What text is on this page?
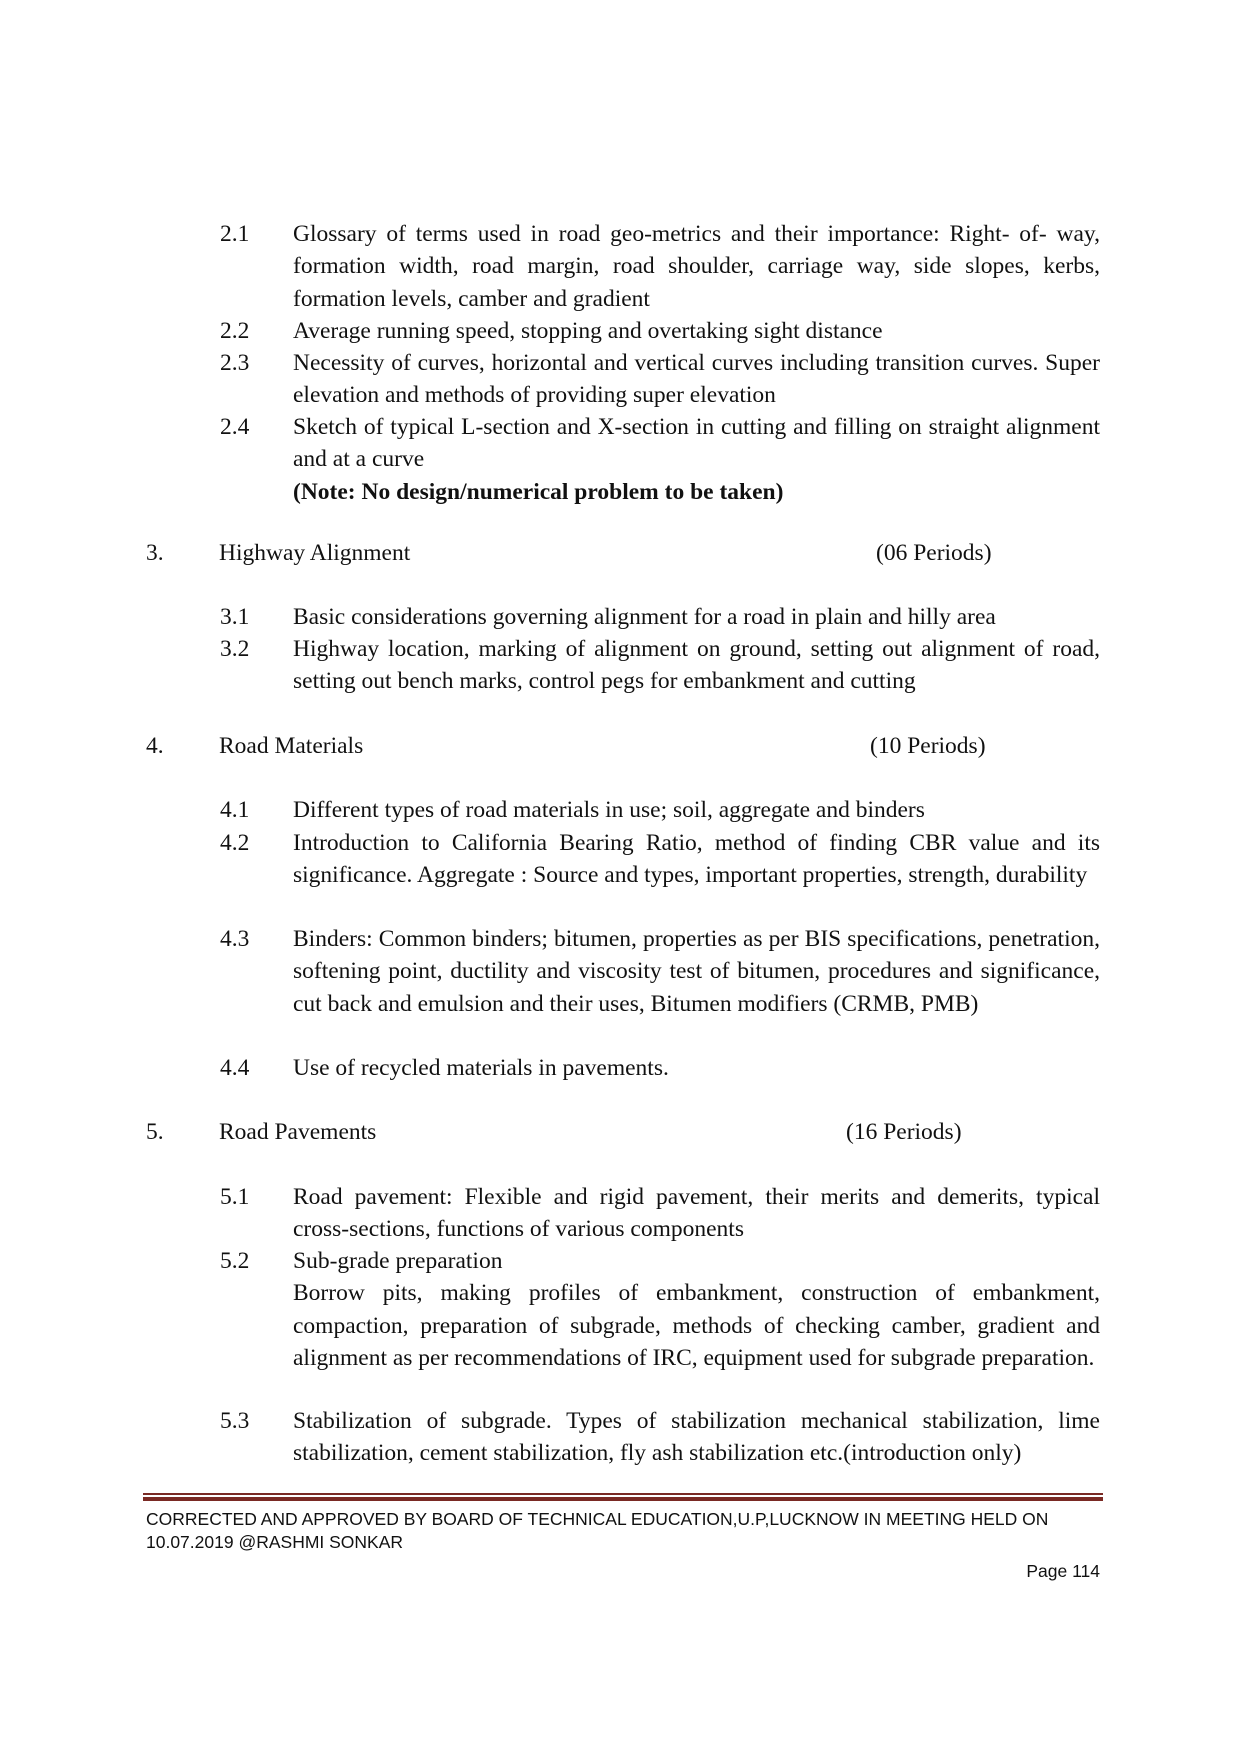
2.1	Glossary of terms used in road geo-metrics and their importance: Right- of- way, formation width, road margin, road shoulder, carriage way, side slopes, kerbs, formation levels, camber and gradient

2.2	Average running speed, stopping and overtaking sight distance

2.3	Necessity of curves, horizontal and vertical curves including transition curves. Super elevation and methods of providing super elevation

2.4	Sketch of typical L-section and X-section in cutting and filling on straight alignment and at a curve

(Note: No design/numerical problem to be taken)

3. Highway Alignment	(06 Periods)
3.1	Basic considerations governing alignment for a road in plain and hilly area

3.2	Highway location, marking of alignment on ground, setting out alignment of road, setting out bench marks, control pegs for embankment and cutting

4. Road Materials	(10 Periods)
4.1	Different types of road materials in use; soil, aggregate and binders

4.2	Introduction to California Bearing Ratio, method of finding CBR value and its significance. Aggregate : Source and types, important properties, strength, durability

4.3	Binders: Common binders; bitumen, properties as per BIS specifications, penetration, softening point, ductility and viscosity test of bitumen, procedures and significance, cut back and emulsion and their uses, Bitumen modifiers (CRMB, PMB)

4.4	Use of recycled materials in pavements.

5. Road Pavements	(16 Periods)
5.1	Road pavement: Flexible and rigid pavement, their merits and demerits, typical cross-sections, functions of various components

5.2	Sub-grade preparation

Borrow pits, making profiles of embankment, construction of embankment, compaction, preparation of subgrade, methods of checking camber, gradient and alignment as per recommendations of IRC, equipment used for subgrade preparation.

5.3	Stabilization of subgrade. Types of stabilization mechanical stabilization, lime stabilization, cement stabilization, fly ash stabilization etc.(introduction only)

CORRECTED AND APPROVED BY BOARD OF TECHNICAL EDUCATION,U.P,LUCKNOW IN MEETING HELD ON

10.07.2019 @RASHMI SONKAR

Page 114
